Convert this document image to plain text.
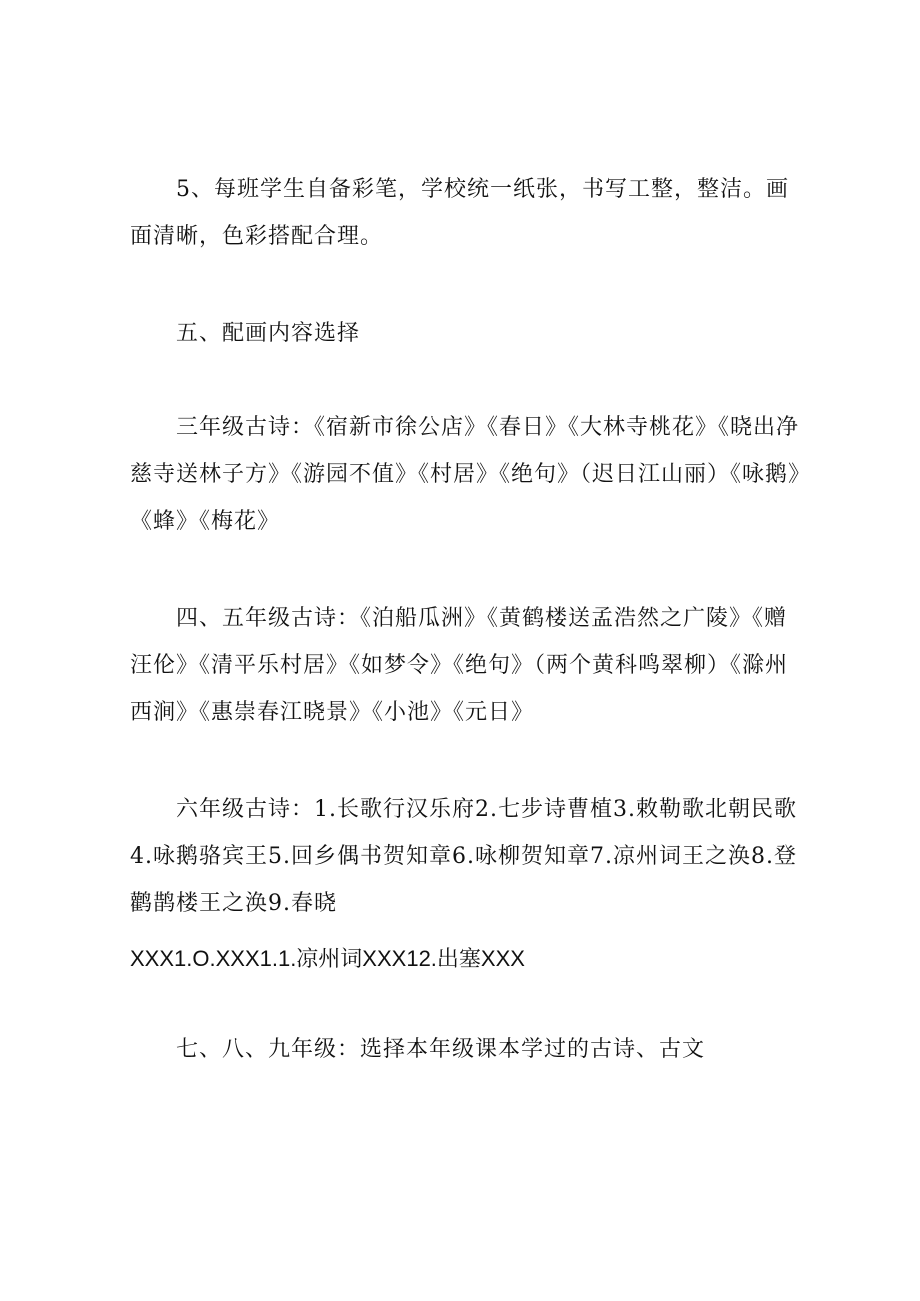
5、每班学生自备彩笔，学校统一纸张，书写工整，整洁。画面清晰，色彩搭配合理。

五、配画内容选择

三年级古诗：《宿新市徐公店》《春日》《大林寺桃花》《晓出净慈寺送林子方》《游园不值》《村居》《绝句》（迟日江山丽）《咏鹅》《蜂》《梅花》

四、五年级古诗：《泊船瓜洲》《黄鹤楼送孟浩然之广陵》《赠汪伦》《清平乐村居》《如梦令》《绝句》（两个黄科鸣翠柳）《滁州西涧》《惠崇春江晓景》《小池》《元日》

六年级古诗：1.长歌行汉乐府2.七步诗曹植3.敕勒歌北朝民歌4.咏鹅骆宾王5.回乡偶书贺知章6.咏柳贺知章7.凉州词王之涣8.登鹳鹊楼王之涣9.春晓

XXX1.O.XXX1.1.凉州词XXX12.出塞XXX

七、八、九年级：选择本年级课本学过的古诗、古文
